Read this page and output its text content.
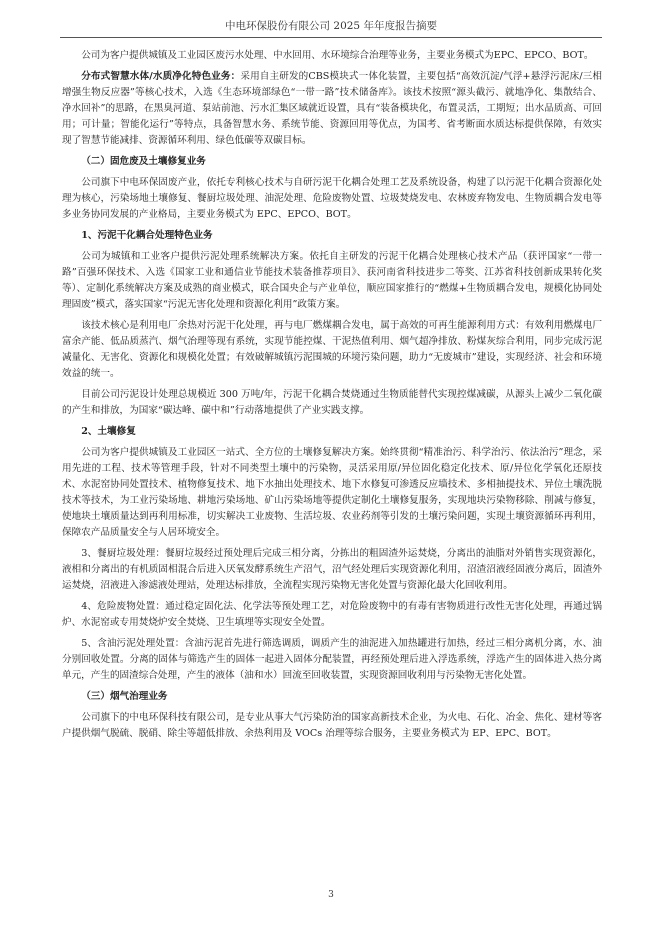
中电环保股份有限公司 2025 年年度报告摘要

公司为客户提供城镇及工业园区废污水处理、中水回用、水环境综合治理等业务，主要业务模式为EPC、EPCO、BOT。

分布式智慧水体/水质净化特色业务：采用自主研发的CBS模块式一体化装置，主要包括“高效沉淀/气浮+悬浮污泥床/三相增强生物反应器”等核心技术，入选《生态环境部绿色“一带一路”技术储备库》。该技术按照“源头截污、就地净化、集散结合、净水回补”的思路，在黑臭河道、泵站前池、污水汇集区域就近设置，具有“装备模块化，布置灵活，工期短；出水品质高、可回用；可计量；智能化运行”等特点，具备智慧水务、系统节能、资源回用等优点，为国考、省考断面水质达标提供保障，有效实现了智慧节能减排、资源循环利用、绿色低碳等双碳目标。

（二）固危废及土壤修复业务

公司旗下中电环保固废产业，依托专利核心技术与自研污泥干化耦合处理工艺及系统设备，构建了以污泥干化耦合资源化处理为核心，污染场地土壤修复、餐厨垃圾处理、油泥处理、危险废物处置、垃圾焚烧发电、农林废弃物发电、生物质耦合发电等多业务协同发展的产业格局，主要业务模式为 EPC、EPCO、BOT。

1、污泥干化耦合处理特色业务

公司为城镇和工业客户提供污泥处理系统解决方案。依托自主研发的污泥干化耦合处理核心技术产品（获评国家“一带一路”百强环保技术、入选《国家工业和通信业节能技术装备推荐项目》、获河南省科技进步二等奖、江苏省科技创新成果转化奖等）、定制化系统解决方案及成熟的商业模式，联合国央企与产业单位，顺应国家推行的“燃煤+生物质耦合发电，规模化协同处理固废”模式，落实国家“污泥无害化处理和资源化利用”政策方案。

该技术核心是利用电厂余热对污泥干化处理，再与电厂燃煤耦合发电，属于高效的可再生能源利用方式：有效利用燃煤电厂富余产能、低品质蒸汽、烟气治理等现有系统，实现节能控煤、干泥热值利用、烟气超净排放、粉煤灰综合利用，同步完成污泥减量化、无害化、资源化和规模化处置；有效破解城镇污泥围城的环境污染问题，助力“无废城市”建设，实现经济、社会和环境效益的统一。

目前公司污泥设计处理总规模近 300 万吨/年，污泥干化耦合焚烧通过生物质能替代实现控煤减碳，从源头上减少二氧化碳的产生和排放，为国家“碳达峰、碳中和”行动落地提供了产业实践支撑。

2、土壤修复

公司为客户提供城镇及工业园区一站式、全方位的土壤修复解决方案。始终贯彻“精准治污、科学治污、依法治污”理念，采用先进的工程、技术等管理手段，针对不同类型土壤中的污染物，灵活采用原/异位固化稳定化技术、原/异位化学氧化还原技术、水泥窑协同处置技术、植物修复技术、地下水抽出处理技术、地下水修复可渗透反应墙技术、多相抽提技术、异位土壤洗脱技术等技术，为工业污染场地、耕地污染场地、矿山污染场地等提供定制化土壤修复服务，实现地块污染物移除、削减与修复，使地块土壤质量达到再利用标准，切实解决工业废物、生活垃圾、农业药剂等引发的土壤污染问题，实现土壤资源循环再利用，保障农产品质量安全与人居环境安全。

3、餐厨垃圾处理：餐厨垃圾经过预处理后完成三相分离，分拣出的粗固渣外运焚烧，分离出的油脂对外销售实现资源化，液相和分离出的有机质固相混合后进入厌氧发酵系统生产沼气，沼气经处理后实现资源化利用，沼渣沼液经固液分离后，固渣外运焚烧，沼液进入渗滤液处理站，处理达标排放，全流程实现污染物无害化处置与资源化最大化回收利用。

4、危险废物处置：通过稳定固化法、化学法等预处理工艺，对危险废物中的有毒有害物质进行改性无害化处理，再通过锅炉、水泥窑或专用焚烧炉安全焚烧、卫生填埋等实现安全处置。

5、含油污泥处理处置：含油污泥首先进行筛选调质，调质产生的油泥进入加热罐进行加热，经过三相分离机分离，水、油分别回收处置。分离的固体与筛选产生的固体一起进入固体分配装置，再经预处理后进入浮选系统，浮选产生的固体进入热分离单元，产生的固渣综合处理，产生的液体（油和水）回流至回收装置，实现资源回收利用与污染物无害化处置。

（三）烟气治理业务

公司旗下的中电环保科技有限公司，是专业从事大气污染防治的国家高新技术企业，为火电、石化、冶金、焦化、建材等客户提供烟气脱硫、脱硝、除尘等超低排放、余热利用及 VOCs 治理等综合服务，主要业务模式为 EP、EPC、BOT。

3
